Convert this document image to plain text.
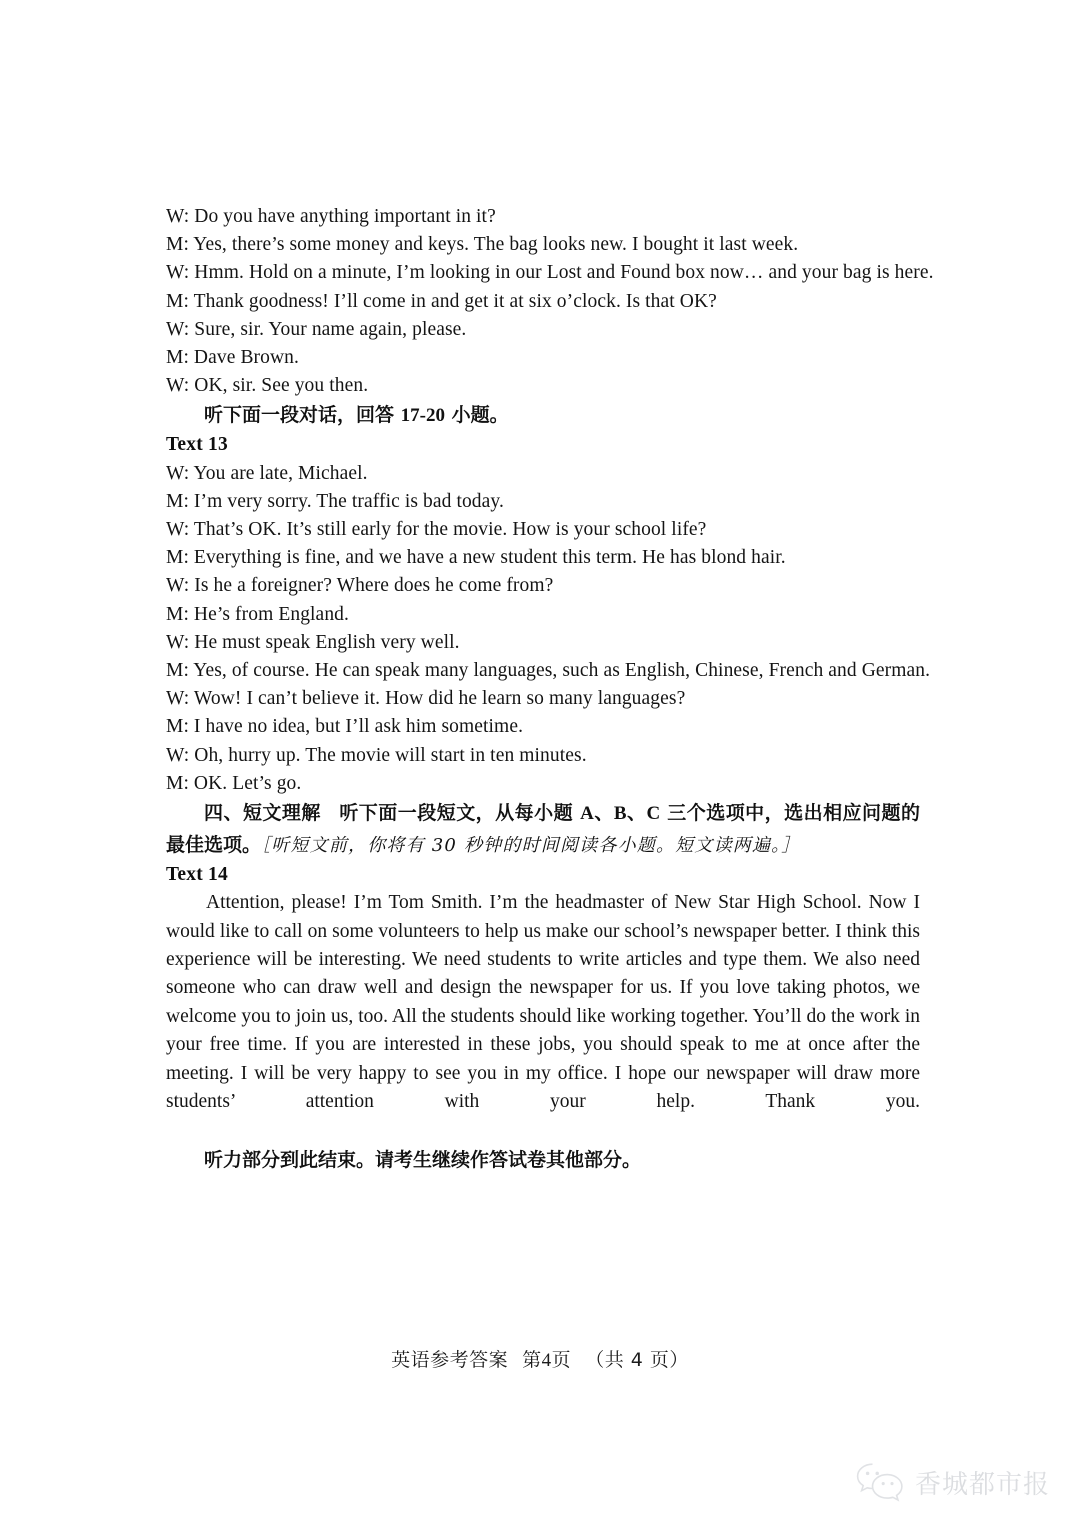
W: Do you have anything important in it?
M: Yes, there’s some money and keys. The bag looks new. I bought it last week.
W: Hmm. Hold on a minute, I’m looking in our Lost and Found box now… and your bag is here.
M: Thank goodness! I’ll come in and get it at six o’clock. Is that OK?
W: Sure, sir. Your name again, please.
M: Dave Brown.
W: OK, sir. See you then.
听下面一段对话，回答 17-20 小题。
Text 13
W: You are late, Michael.
M: I’m very sorry. The traffic is bad today.
W: That’s OK. It’s still early for the movie. How is your school life?
M: Everything is fine, and we have a new student this term. He has blond hair.
W: Is he a foreigner? Where does he come from?
M: He’s from England.
W: He must speak English very well.
M: Yes, of course. He can speak many languages, such as English, Chinese, French and German.
W: Wow! I can’t believe it. How did he learn so many languages?
M: I have no idea, but I’ll ask him sometime.
W: Oh, hurry up. The movie will start in ten minutes.
M: OK. Let’s go.
四、短文理解 听下面一段短文，从每小题 A、B、C 三个选项中，选出相应问题的最佳选项。［听短文前，你将有 30 秒钟的时间阅读各小题。短文读两遍。］
Text 14
Attention, please! I’m Tom Smith. I’m the headmaster of New Star High School. Now I would like to call on some volunteers to help us make our school’s newspaper better. I think this experience will be interesting. We need students to write articles and type them. We also need someone who can draw well and design the newspaper for us. If you love taking photos, we welcome you to join us, too. All the students should like working together. You’ll do the work in your free time. If you are interested in these jobs, you should speak to me at once after the meeting. I will be very happy to see you in my office. I hope our newspaper will draw more students’ attention with your help. Thank you.
听力部分到此结束。请考生继续作答试卷其他部分。
英语参考答案 第4页 （共 4 页）
香城都市报
